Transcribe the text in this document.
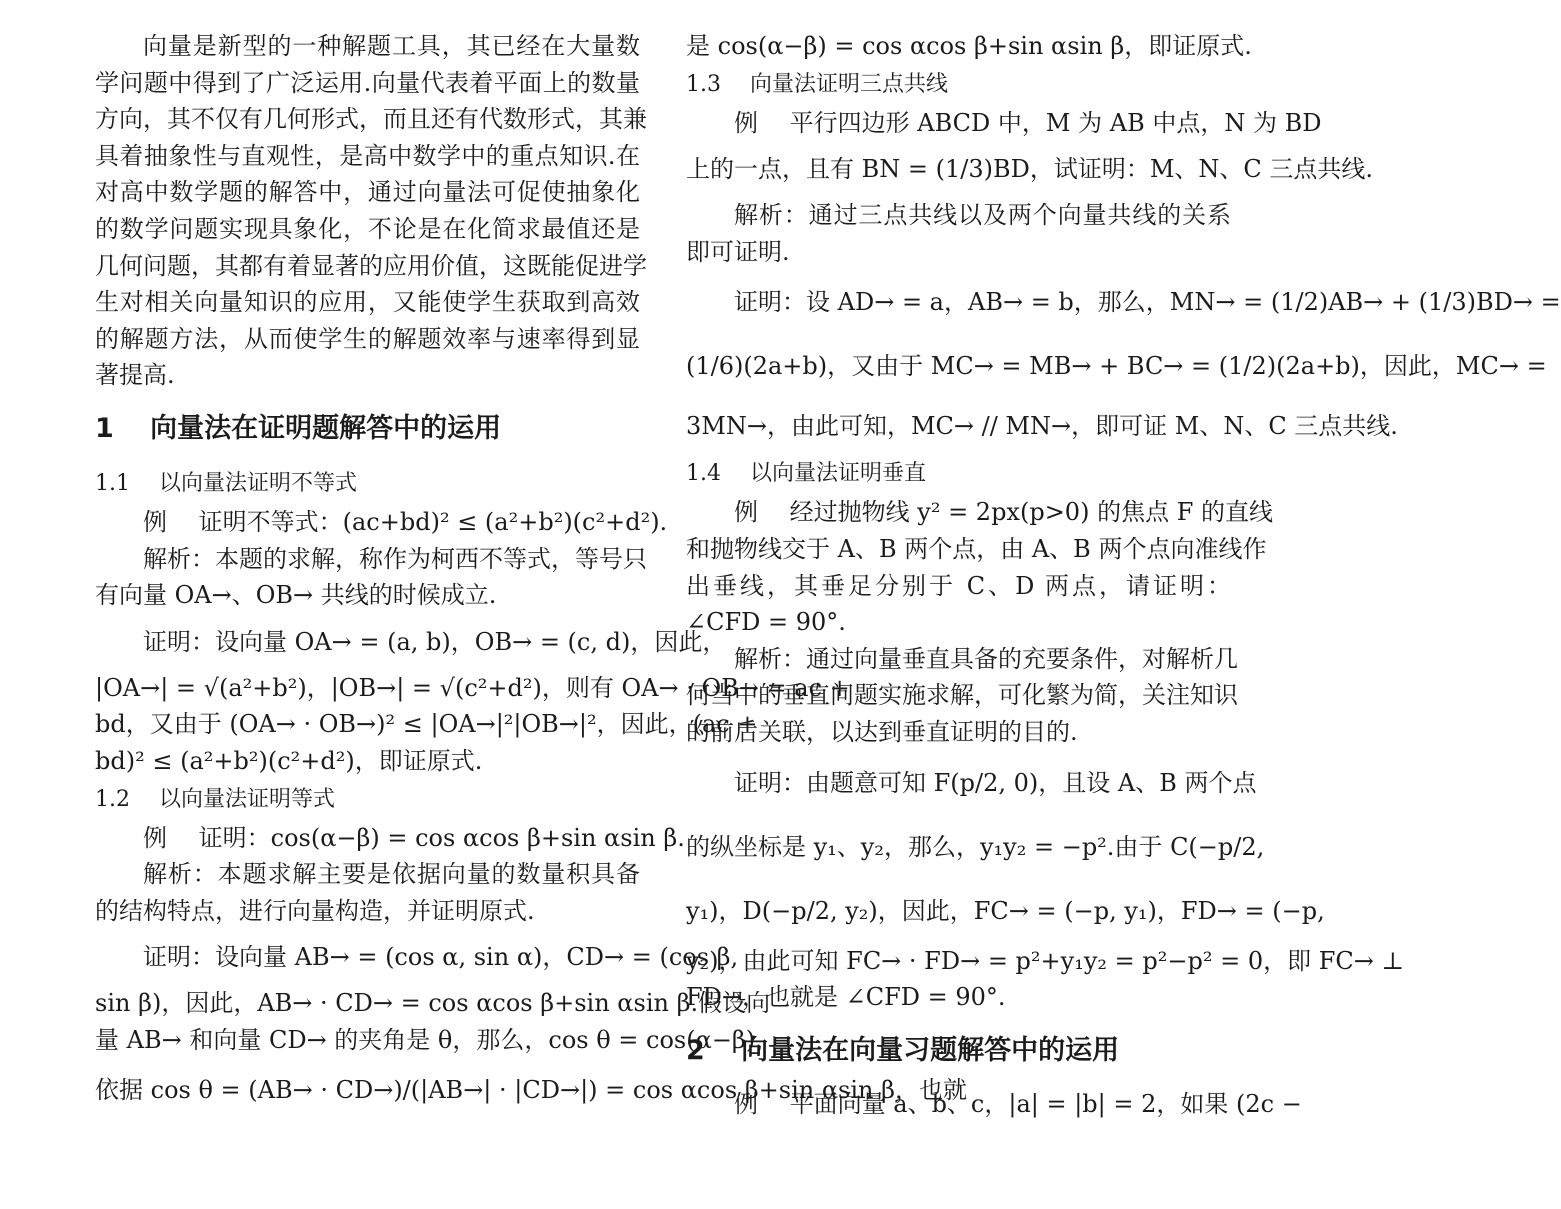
向量是新型的一种解题工具，其已经在大量数
学问题中得到了广泛运用.向量代表着平面上的数量
方向，其不仅有几何形式，而且还有代数形式，其兼
具着抽象性与直观性，是高中数学中的重点知识.在
对高中数学题的解答中，通过向量法可促使抽象化
的数学问题实现具象化，不论是在化简求最值还是
几何问题，其都有着显著的应用价值，这既能促进学
生对相关向量知识的应用，又能使学生获取到高效
的解题方法，从而使学生的解题效率与速率得到显
著提高.
1　 向量法在证明题解答中的运用
1.1　 以向量法证明不等式
例　 证明不等式：(ac+bd)² ≤ (a²+b²)(c²+d²).
解析：本题的求解，称作为柯西不等式，等号只
有向量 OA→、OB→ 共线的时候成立.
证明：设向量 OA→ = (a, b)，OB→ = (c, d)，因此，
|OA→| = √(a²+b²)，|OB→| = √(c²+d²)，则有 OA→ · OB→ = ac +
bd，又由于 (OA→ · OB→)² ≤ |OA→|²|OB→|²，因此，(ac +
bd)² ≤ (a²+b²)(c²+d²)，即证原式.
1.2　 以向量法证明等式
例　 证明：cos(α−β) = cos αcos β+sin αsin β.
解析：本题求解主要是依据向量的数量积具备
的结构特点，进行向量构造，并证明原式.
证明：设向量 AB→ = (cos α, sin α)，CD→ = (cos β,
sin β)，因此，AB→ · CD→ = cos αcos β+sin αsin β.假设向
量 AB→ 和向量 CD→ 的夹角是 θ，那么，cos θ = cos(α−β)，
依据 cos θ = (AB→ · CD→)/(|AB→| · |CD→|) = cos αcos β+sin αsin β，也就
是 cos(α−β) = cos αcos β+sin αsin β，即证原式.
1.3　 向量法证明三点共线
例　 平行四边形 ABCD 中，M 为 AB 中点，N 为 BD
上的一点，且有 BN = (1/3)BD，试证明：M、N、C 三点共线.
解析：通过三点共线以及两个向量共线的关系
即可证明.
证明：设 AD→ = a，AB→ = b，那么，MN→ = (1/2)AB→ + (1/3)BD→ =
(1/6)(2a+b)，又由于 MC→ = MB→ + BC→ = (1/2)(2a+b)，因此，MC→ =
3MN→，由此可知，MC→ // MN→，即可证 M、N、C 三点共线.
1.4　 以向量法证明垂直
例　 经过抛物线 y² = 2px(p>0) 的焦点 F 的直线
和抛物线交于 A、B 两个点，由 A、B 两个点向准线作
出垂线，其垂足分别于 C、D 两点，请证明：
∠CFD = 90°.
解析：通过向量垂直具备的充要条件，对解析几
何当中的垂直问题实施求解，可化繁为简，关注知识
的前后关联，以达到垂直证明的目的.
证明：由题意可知 F(p/2, 0)，且设 A、B 两个点
的纵坐标是 y₁、y₂，那么，y₁y₂ = −p².由于 C(−p/2,
y₁)，D(−p/2, y₂)，因此，FC→ = (−p, y₁)，FD→ = (−p,
y₂)，由此可知 FC→ · FD→ = p²+y₁y₂ = p²−p² = 0，即 FC→ ⊥
FD→，也就是 ∠CFD = 90°.
2　 向量法在向量习题解答中的运用
例　 平面向量 a、b、c，|a| = |b| = 2，如果 (2c −
